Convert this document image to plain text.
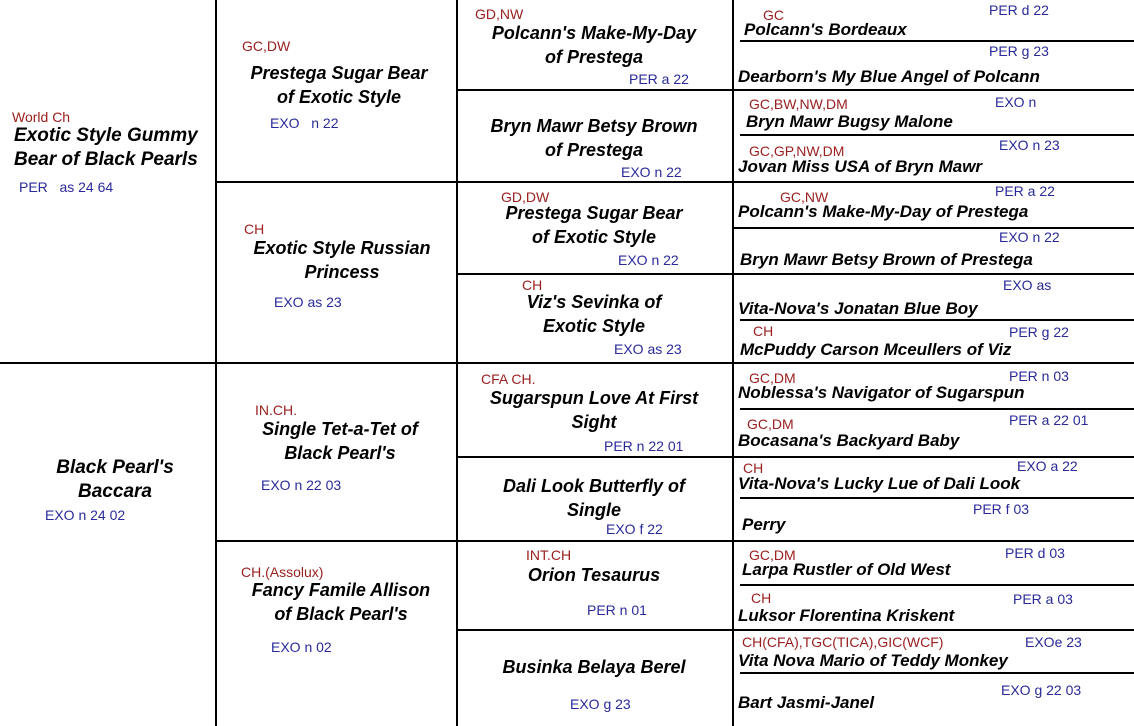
World Ch
Exotic Style Gummy
Bear of Black Pearls
PER   as 24 64
Black Pearl's
Baccara
EXO n 24 02
GC,DW
Prestega Sugar Bear
of Exotic Style
EXO   n 22
CH
Exotic Style Russian
Princess
EXO as 23
IN.CH.
Single Tet-a-Tet of
Black Pearl's
EXO n 22 03
CH.(Assolux)
Fancy Famile Allison
of Black Pearl's
EXO n 02
GD,NW
Polcann's Make-My-Day
of Prestega
PER a 22
Bryn Mawr Betsy Brown
of Prestega
EXO n 22
GD,DW
Prestega Sugar Bear
of Exotic Style
EXO n 22
CH
Viz's Sevinka of
Exotic Style
EXO as 23
CFA CH.
Sugarspun Love At First
Sight
PER n 22 01
Dali Look Butterfly of
Single
EXO f 22
INT.CH
Orion Tesaurus
PER n 01
Businka Belaya Berel
EXO g 23
GC
Polcann's Bordeaux
PER d 22
Dearborn's My Blue Angel of Polcann
PER g 23
GC,BW,NW,DM
Bryn Mawr Bugsy Malone
EXO n
GC,GP,NW,DM
Jovan Miss USA of Bryn Mawr
EXO n 23
GC,NW
Polcann's Make-My-Day of Prestega
PER a 22
Bryn Mawr Betsy Brown of Prestega
EXO n 22
Vita-Nova's Jonatan Blue Boy
EXO as
CH
McPuddy Carson Mceullers of Viz
PER g 22
GC,DM
Noblessa's Navigator of Sugarspun
PER n 03
GC,DM
Bocasana's Backyard Baby
PER a 22 01
CH
Vita-Nova's Lucky Lue of Dali Look
EXO a 22
Perry
PER f 03
GC,DM
Larpa Rustler of Old West
PER d 03
CH
Luksor Florentina Kriskent
PER a 03
CH(CFA),TGC(TICA),GIC(WCF)
Vita Nova Mario of Teddy Monkey
EXOe 23
Bart Jasmi-Janel
EXO g 22 03
